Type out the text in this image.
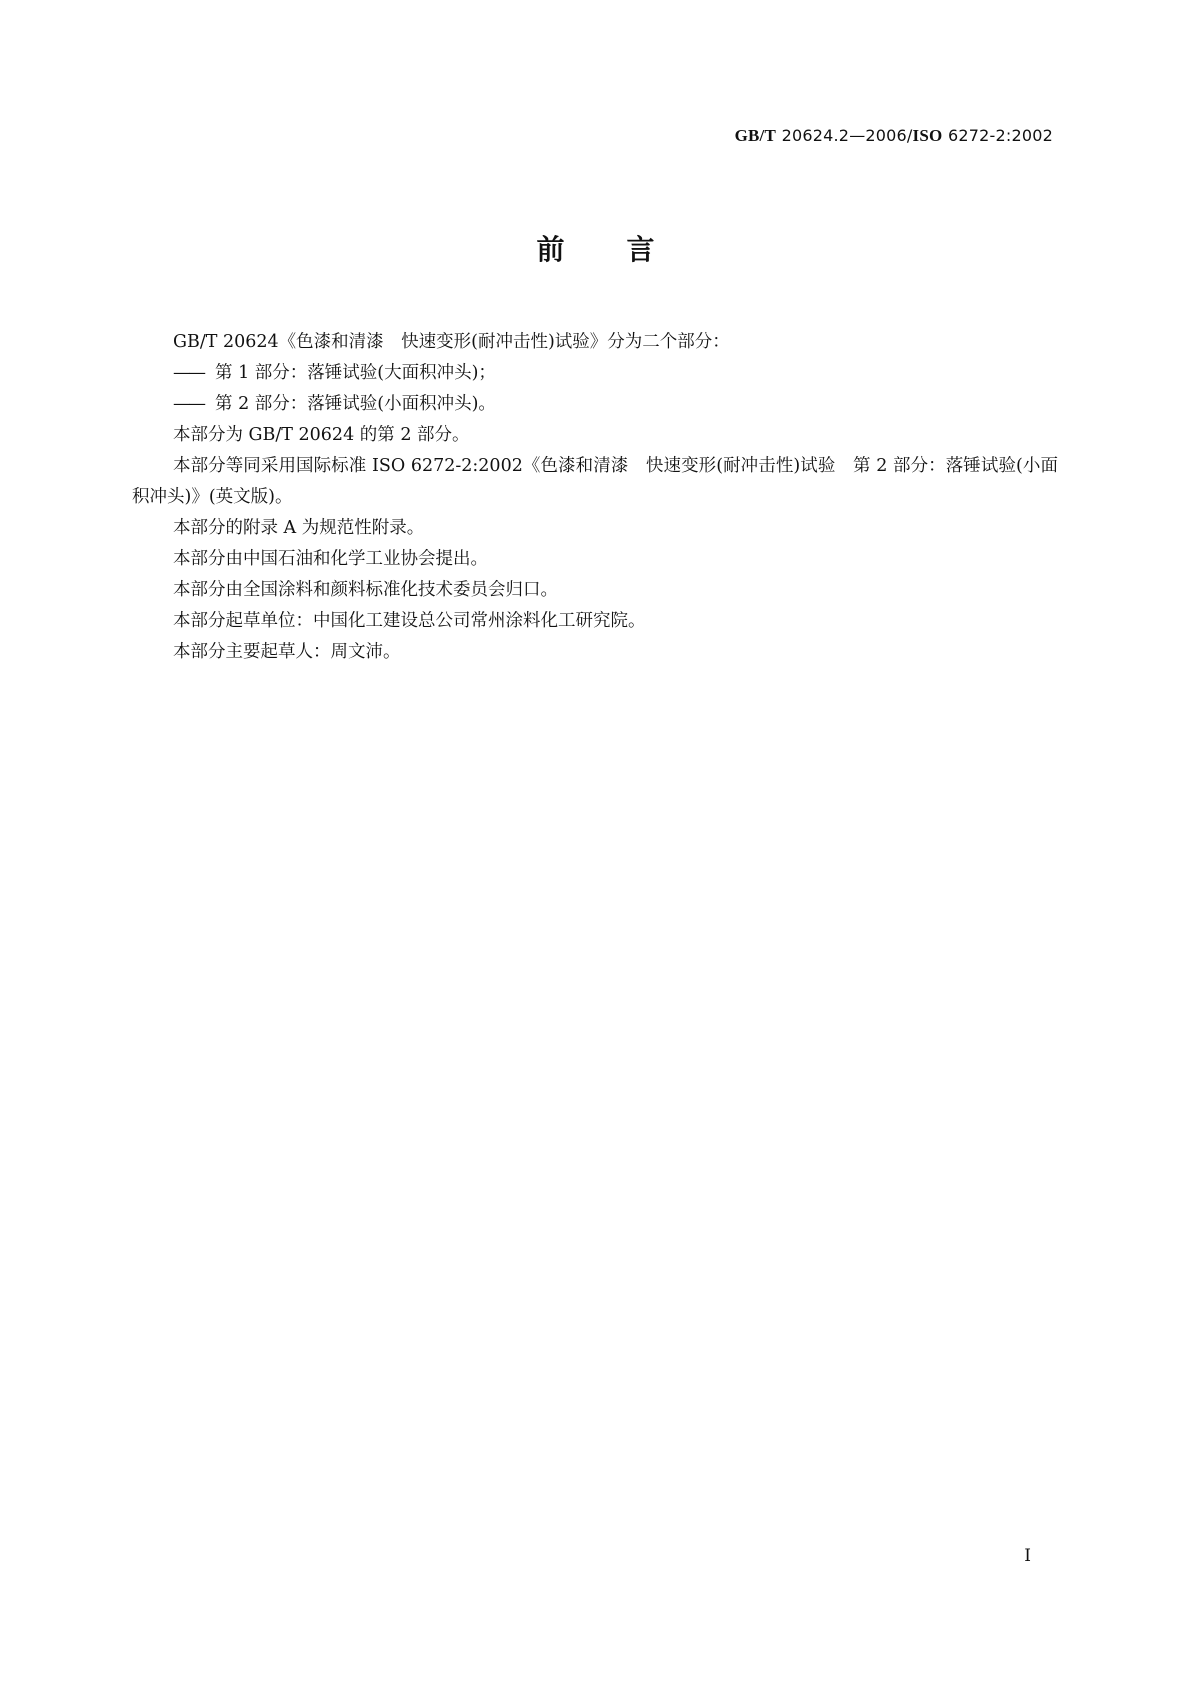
GB/T 20624.2—2006/ISO 6272-2:2002
前言

GB/T 20624《色漆和清漆　快速变形(耐冲击性)试验》分为二个部分：

—— 第 1 部分：落锤试验(大面积冲头)；

—— 第 2 部分：落锤试验(小面积冲头)。

本部分为 GB/T 20624 的第 2 部分。

本部分等同采用国际标准 ISO 6272-2:2002《色漆和清漆　快速变形(耐冲击性)试验　第 2 部分：落锤试验(小面积冲头)》(英文版)。

本部分的附录 A 为规范性附录。

本部分由中国石油和化学工业协会提出。

本部分由全国涂料和颜料标准化技术委员会归口。

本部分起草单位：中国化工建设总公司常州涂料化工研究院。

本部分主要起草人：周文沛。

I
